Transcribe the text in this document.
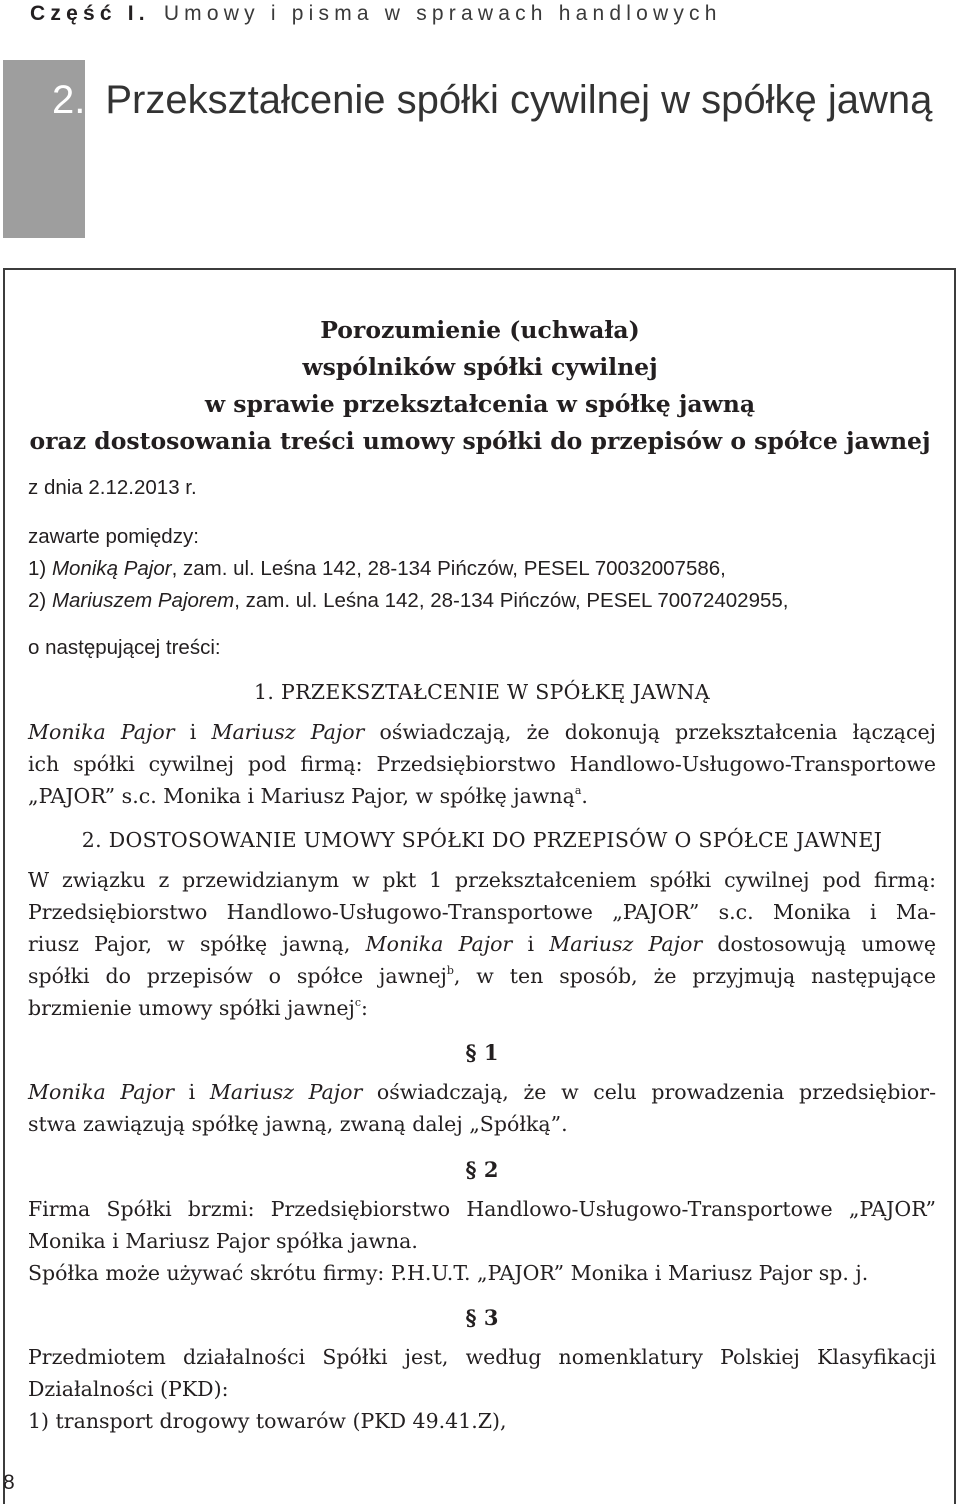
Część I. Umowy i pisma w sprawach handlowych
2. Przekształcenie spółki cywilnej w spółkę jawną
Porozumienie (uchwała)
wspólników spółki cywilnej
w sprawie przekształcenia w spółkę jawną
oraz dostosowania treści umowy spółki do przepisów o spółce jawnej
z dnia 2.12.2013 r.
zawarte pomiędzy:
1) Moniką Pajor, zam. ul. Leśna 142, 28-134 Pińczów, PESEL 70032007586,
2) Mariuszem Pajorem, zam. ul. Leśna 142, 28-134 Pińczów, PESEL 70072402955,
o następującej treści:
1. PRZEKSZTAŁCENIE W SPÓŁKĘ JAWNĄ
Monika Pajor i Mariusz Pajor oświadczają, że dokonują przekształcenia łączącej
ich spółki cywilnej pod firmą: Przedsiębiorstwo Handlowo-Usługowo-Transportowe
„PAJOR” s.c. Monika i Mariusz Pajor, w spółkę jawną$^a$.
2. DOSTOSOWANIE UMOWY SPÓŁKI DO PRZEPISÓW O SPÓŁCE JAWNEJ
W związku z przewidzianym w pkt 1 przekształceniem spółki cywilnej pod firmą:
Przedsiębiorstwo Handlowo-Usługowo-Transportowe „PAJOR” s.c. Monika i Ma-
riusz Pajor, w spółkę jawną, Monika Pajor i Mariusz Pajor dostosowują umowę
spółki do przepisów o spółce jawnej$^b$, w ten sposób, że przyjmują następujące
brzmienie umowy spółki jawnej$^c$:
§ 1
Monika Pajor i Mariusz Pajor oświadczają, że w celu prowadzenia przedsiębior-
stwa zawiązują spółkę jawną, zwaną dalej „Spółką”.
§ 2
Firma Spółki brzmi: Przedsiębiorstwo Handlowo-Usługowo-Transportowe „PAJOR”
Monika i Mariusz Pajor spółka jawna.
Spółka może używać skrótu firmy: P.H.U.T. „PAJOR” Monika i Mariusz Pajor sp. j.
§ 3
Przedmiotem działalności Spółki jest, według nomenklatury Polskiej Klasyfikacji
Działalności (PKD):
1) transport drogowy towarów (PKD 49.41.Z),
8
